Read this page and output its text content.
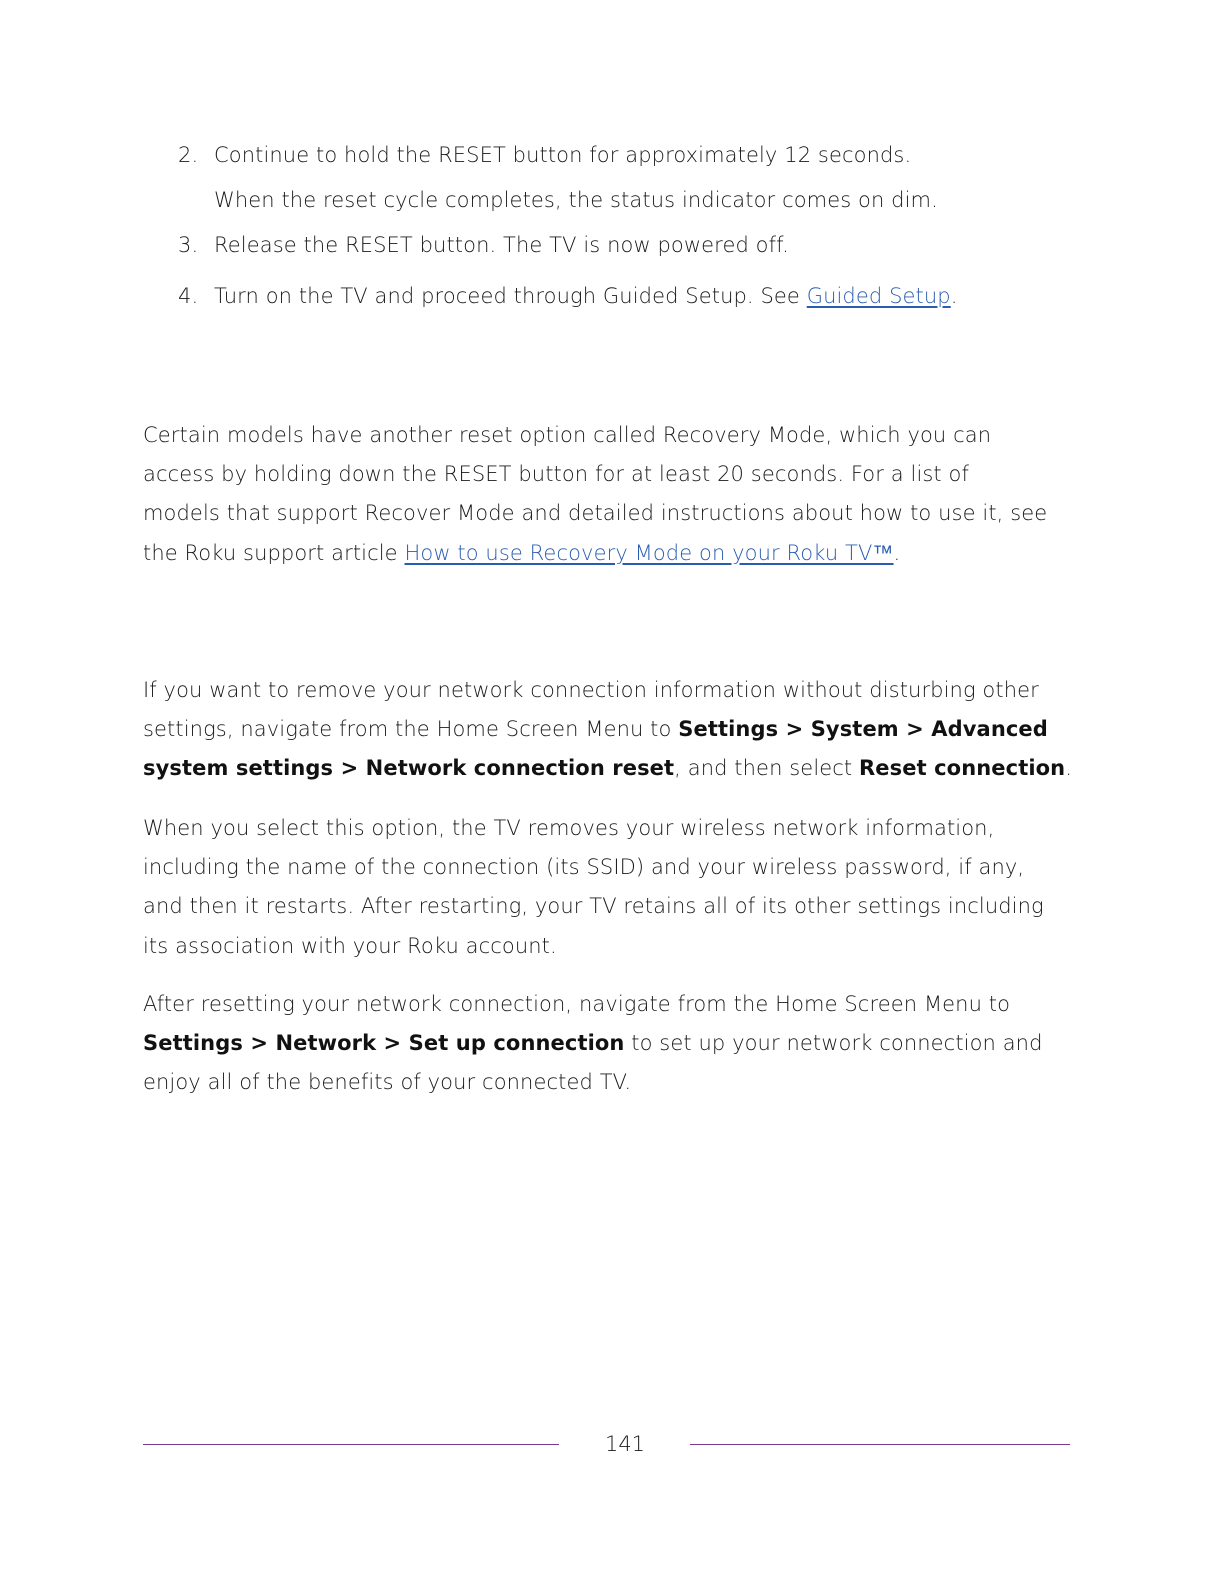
2. Continue to hold the RESET button for approximately 12 seconds.
When the reset cycle completes, the status indicator comes on dim.
3. Release the RESET button. The TV is now powered off.
4. Turn on the TV and proceed through Guided Setup. See Guided Setup.
Certain models have another reset option called Recovery Mode, which you can
access by holding down the RESET button for at least 20 seconds. For a list of
models that support Recover Mode and detailed instructions about how to use it, see
the Roku support article How to use Recovery Mode on your Roku TV™.
If you want to remove your network connection information without disturbing other
settings, navigate from the Home Screen Menu to Settings > System > Advanced
system settings > Network connection reset, and then select Reset connection.
When you select this option, the TV removes your wireless network information,
including the name of the connection (its SSID) and your wireless password, if any,
and then it restarts. After restarting, your TV retains all of its other settings including
its association with your Roku account.
After resetting your network connection, navigate from the Home Screen Menu to
Settings > Network > Set up connection to set up your network connection and
enjoy all of the benefits of your connected TV.
141
